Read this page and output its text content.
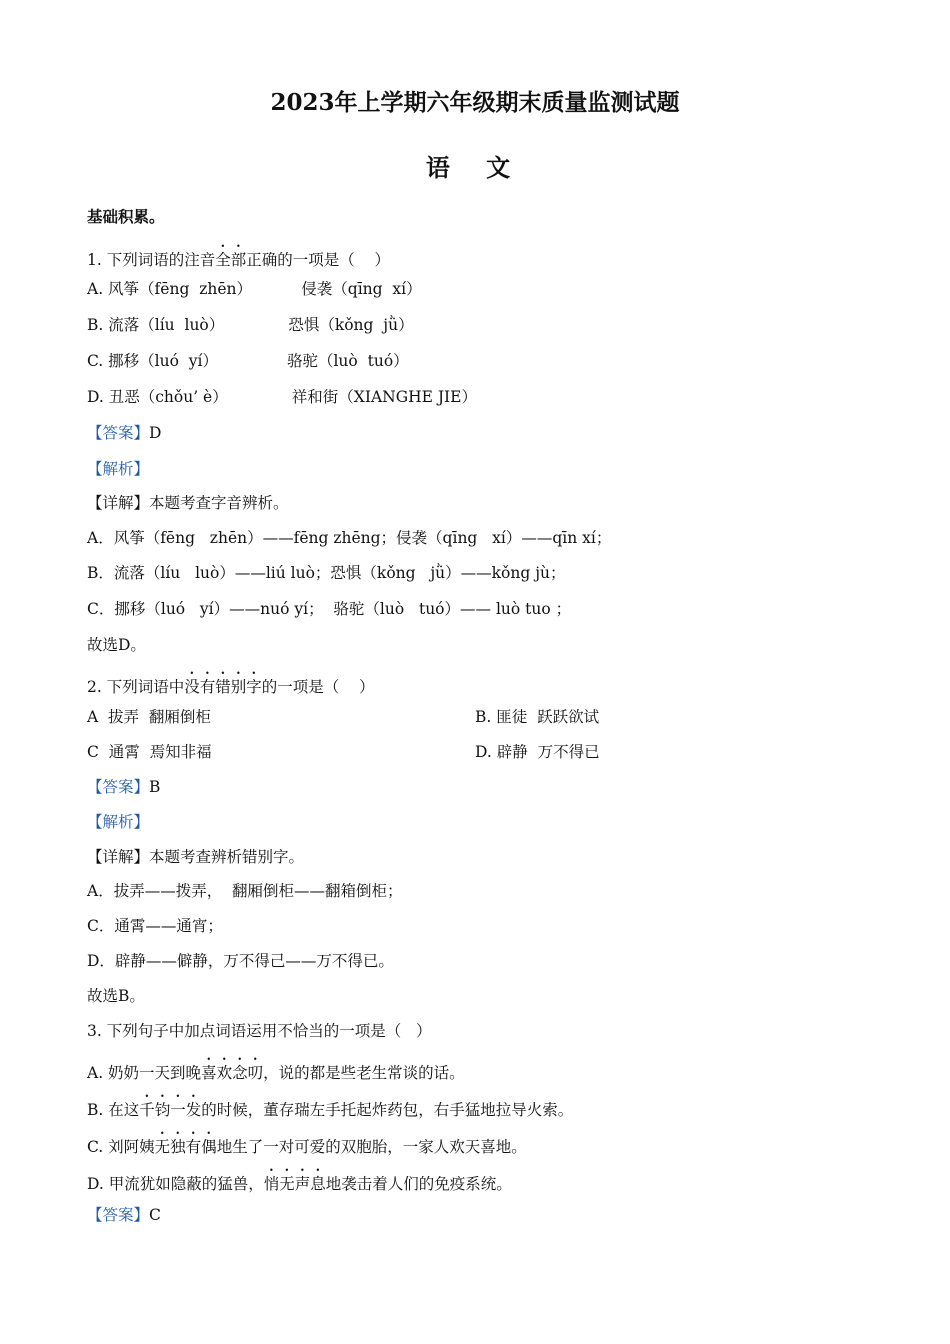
2023年上学期六年级期末质量监测试题
语 文
基础积累。
1. 下列词语的注音全部正确的一项是（    ）
A. 风筝（fēng  zhēn）          侵袭（qīng  xí）
B. 流落（líu  luò）             恐惧（kǒng  jǜ）
C. 挪移（luó  yí）              骆驼（luò  tuó）
D. 丑恶（chǒu’ è）             祥和街（XIANGHE JIE）
【答案】D
【解析】
【详解】本题考查字音辨析。
A．风筝（fēng   zhēn）——fēng zhēng；侵袭（qīng   xí）——qīn xí；
B．流落（líu   luò）——liú luò；恐惧（kǒng   jǜ）——kǒng jù；
C．挪移（luó   yí）——nuó yí；  骆驼（luò   tuó）—— luò tuo ；
故选D。
2. 下列词语中没有错别字的一项是（    ）
A  拔弄  翻厢倒柜	B. 匪徒  跃跃欲试
C  通霄  焉知非福	D. 辟静  万不得已
【答案】B
【解析】
【详解】本题考查辨析错别字。
A．拔弄——拨弄，  翻厢倒柜——翻箱倒柜；
C．通霄——通宵；
D．辟静——僻静，万不得己——万不得已。
故选B。
3. 下列句子中加点词语运用不恰当的一项是（   ）
A. 奶奶一天到晚喜欢念叨，说的都是些老生常谈的话。
B. 在这千钧一发的时候，董存瑞左手托起炸药包，右手猛地拉导火索。
C. 刘阿姨无独有偶地生了一对可爱的双胞胎，一家人欢天喜地。
D. 甲流犹如隐蔽的猛兽，悄无声息地袭击着人们的免疫系统。
【答案】C
